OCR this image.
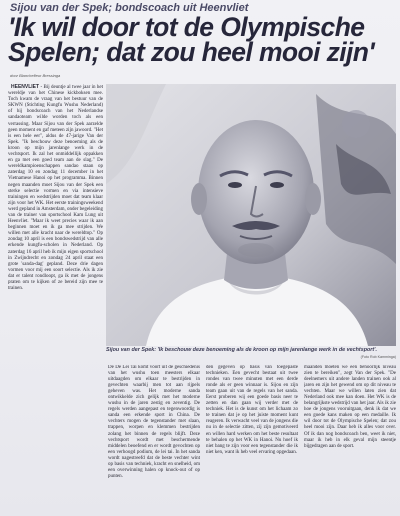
Sijou van der Spek; bondscoach uit Heenvliet
'Ik wil door tot de Olympische Spelen; dat zou heel mooi zijn'
door Blanchefleur Bressinga

HEENVLIET - Bij deuntje al twee jaar in het wereldje van het Chinese kickboksen mee. Toch kwam de vraag van het bestuur van de SKWN (Stichting Kungfu Wushu Nederland) of hij bondscoach van het Nederlandse sandaoteam wilde worden toch als een verrassing. Maar Sijou van der Spek aarzelde geen moment en gaf meteen zijn jawoord. "Het is een hele eer", aldus de 47-jarige Van der Spek. "Ik beschouw deze benoeming als de kroon op mijn jarenlange werk in de vechtsport. Ik zal het onmiddellijk oppakken en ga met een goed team aan de slag." De wereldkampioenschappen sandao staan op zaterdag 10 en zondag 11 december in het Vietnamese Hanoi op het programma. Binnen negen maanden moet Sijou van der Spek een sterke selectie vormen en via intensieve trainingen en wedstrijden moet dat team klaar zijn voor het WK. Het eerste trainingsweekend werd gepland in Amsterdam, onder begeleiding van de trainer van sportschool Kam Lung uit Heenvliet. "Maar ik weet precies waar ik aan beginnen moet en ik ga mee strijden. We willen met alle kracht naar de wereldtop." Op zondag 10 april is een bondswedstrijd van alle erkende kungfu-scholen in Nederland. Op zaterdag 16 april heb ik mijn eigen sportschool in Zwijndrecht en zondag 24 april staat een grote 'sanda-dag' gepland. Deze drie dagen vormen voor mij een soort selectie. Als ik zie dat er talent rondloopt, ga ik met de jongens praten om te kijken of ze bereid zijn mee te trainen.

Sijou van der Spek: 'Ik beschouw deze benoeming als de kroon op mijn jarenlange werk in de vechtsport'.
(Foto Rob Kamminga)

De De Lei Tai komt voort uit de geschiedenis van het wushu toen meesters elkaar uitdaagden om elkaar te bestrijden in gevechten waarbij men tot aan rijpels geheven was. Het moderne sanda ontwikkelde zich gelijk met het moderne wushu in de jaren zestig en zeventig. De regels werden aangepast en tegenwoordig is sanda een erkende sport in China. De vechters mogen de tegenstander met slaan, trappen, worpen en klemmen bestrijden zolang het binnen de regels blijft. Deze vechtsport wordt met beschermende middelen beoefend en er wordt gevochten op een verhoogd podium, de lei tai. In het sanda wordt nagestreefd dat de beste vechter wint op basis van techniek, kracht en snelheid, om een overwinning halen op knock-out of op punten.

den gegeven op basis van toegepaste technieken. Een gevecht bestaat uit twee rondes van twee minuten met een derde ronde als er geen winnaar is. Sijou en zijn team gaan uit van de regels van het sanda. Eerst proberen wij een goede basis neer te zetten en dan gaan wij verder met de techniek. Het is de kunst om het lichaam zo te trainen dat je op het juiste moment kunt reageren. Ik verwacht veel van de jongens die nu in de selectie zitten, zij zijn gemotiveerd en willen hard werken om het beste resultaat te behalen op het WK in Hanoi. Nu hoef ik niet bang te zijn voor een tegenstander die ik niet ken, want ik heb veel ervaring opgedaan.

maanden moeten we een behoorlijk niveau zien te bereiken", zegt Van der Spek. "De deelnemers uit andere landen trainen ook al jaren en zijn het gewend om op dit niveau te vechten. Maar we willen laten zien dat Nederland ook mee kan doen. Het WK is de belangrijkste wedstrijd van het jaar. Als ik zie hoe de jongens vooruitgaan, denk ik dat we een goede kans maken op een medaille. Ik wil door tot de Olympische Spelen; dat zou heel mooi zijn. Daar heb ik alles voor over. Of ik dan nog bondscoach ben, weet ik niet, maar ik heb in elk geval mijn steentje bijgedragen aan de sport.
